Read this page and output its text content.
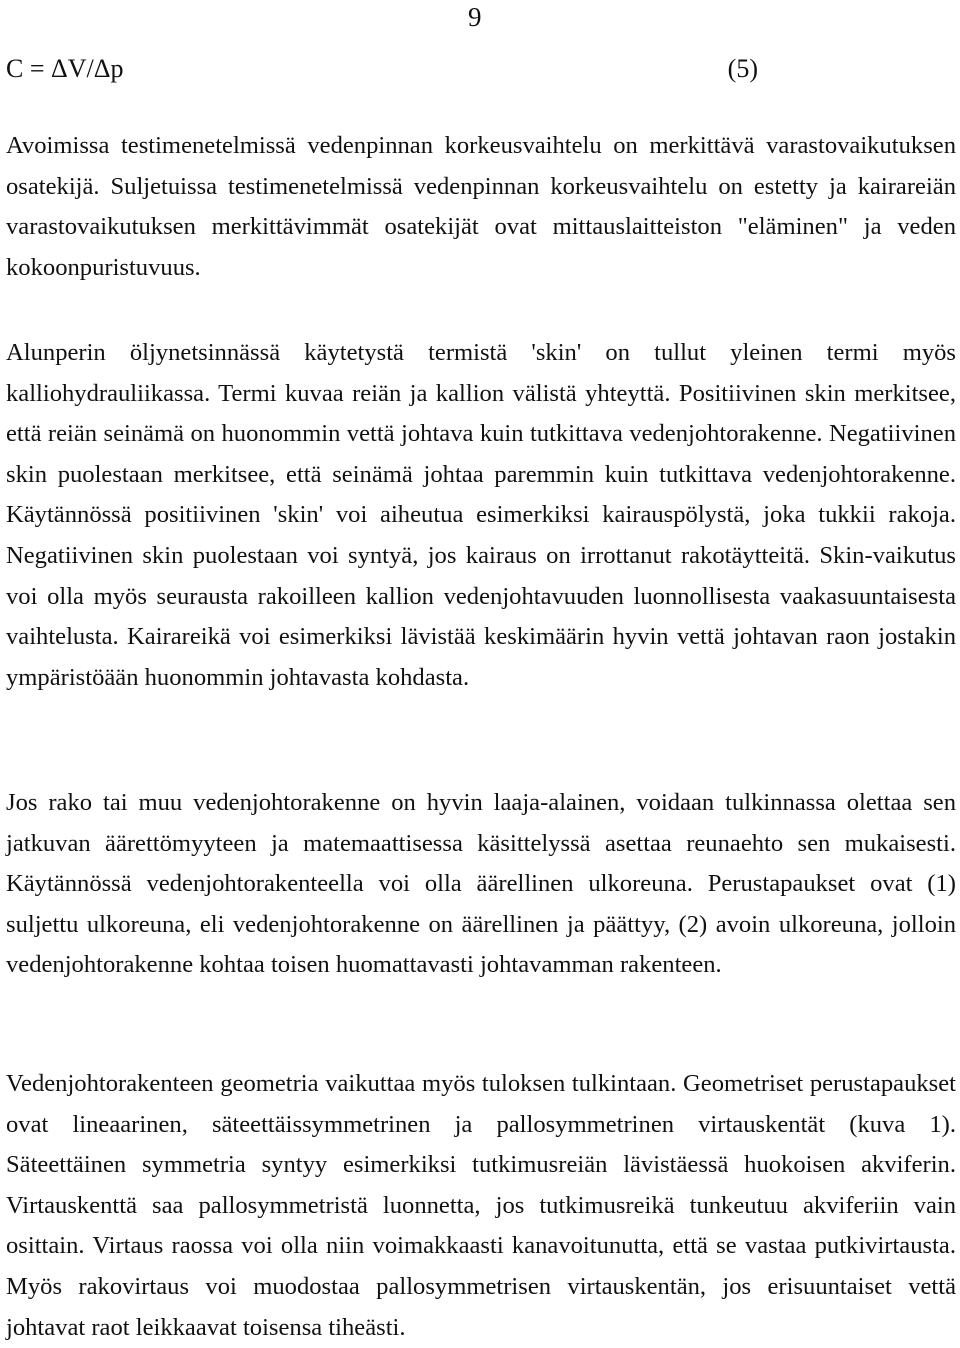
9
C = ΔV/Δp	(5)

Avoimissa testimenetelmissä vedenpinnan korkeusvaihtelu on merkittävä varastovaikutuksen osatekijä. Suljetuissa testimenetelmissä vedenpinnan korkeusvaihtelu on estetty ja kairareiän varastovaikutuksen merkittävimmät osatekijät ovat mittauslaitteiston "eläminen" ja veden kokoonpuristuvuus.

Alunperin öljynetsinnässä käytetystä termistä 'skin' on tullut yleinen termi myös kalliohydrauliikassa. Termi kuvaa reiän ja kallion välistä yhteyttä. Positiivinen skin merkitsee, että reiän seinämä on huonommin vettä johtava kuin tutkittava vedenjohtorakenne. Negatiivinen skin puolestaan merkitsee, että seinämä johtaa paremmin kuin tutkittava vedenjohtorakenne. Käytännössä positiivinen 'skin' voi aiheutua esimerkiksi kairauspölystä, joka tukkii rakoja. Negatiivinen skin puolestaan voi syntyä, jos kairaus on irrottanut rakotäytteitä. Skin-vaikutus voi olla myös seurausta rakoilleen kallion vedenjohtavuuden luonnollisesta vaakasuuntaisesta vaihtelusta. Kairareikä voi esimerkiksi lävistää keskimäärin hyvin vettä johtavan raon jostakin ympäristöään huonommin johtavasta kohdasta.

Jos rako tai muu vedenjohtorakenne on hyvin laaja-alainen, voidaan tulkinnassa olettaa sen jatkuvan äärettömyyteen ja matemaattisessa käsittelyssä asettaa reunaehto sen mukaisesti. Käytännössä vedenjohtorakenteella voi olla äärellinen ulkoreuna. Perustapaukset ovat (1) suljettu ulkoreuna, eli vedenjohtorakenne on äärellinen ja päättyy, (2) avoin ulkoreuna, jolloin vedenjohtorakenne kohtaa toisen huomattavasti johtavamman rakenteen.

Vedenjohtorakenteen geometria vaikuttaa myös tuloksen tulkintaan. Geometriset perustapaukset ovat lineaarinen, säteettäissymmetrinen ja pallosymmetrinen virtauskentät (kuva 1). Säteettäinen symmetria syntyy esimerkiksi tutkimusreiän lävistäessä huokoisen akviferin. Virtauskenttä saa pallosymmetristä luonnetta, jos tutkimusreikä tunkeutuu akviferiin vain osittain. Virtaus raossa voi olla niin voimakkaasti kanavoitunutta, että se vastaa putkivirtausta. Myös rakovirtaus voi muodostaa pallosymmetrisen virtauskentän, jos erisuuntaiset vettä johtavat raot leikkaavat toisensa tiheästi.
